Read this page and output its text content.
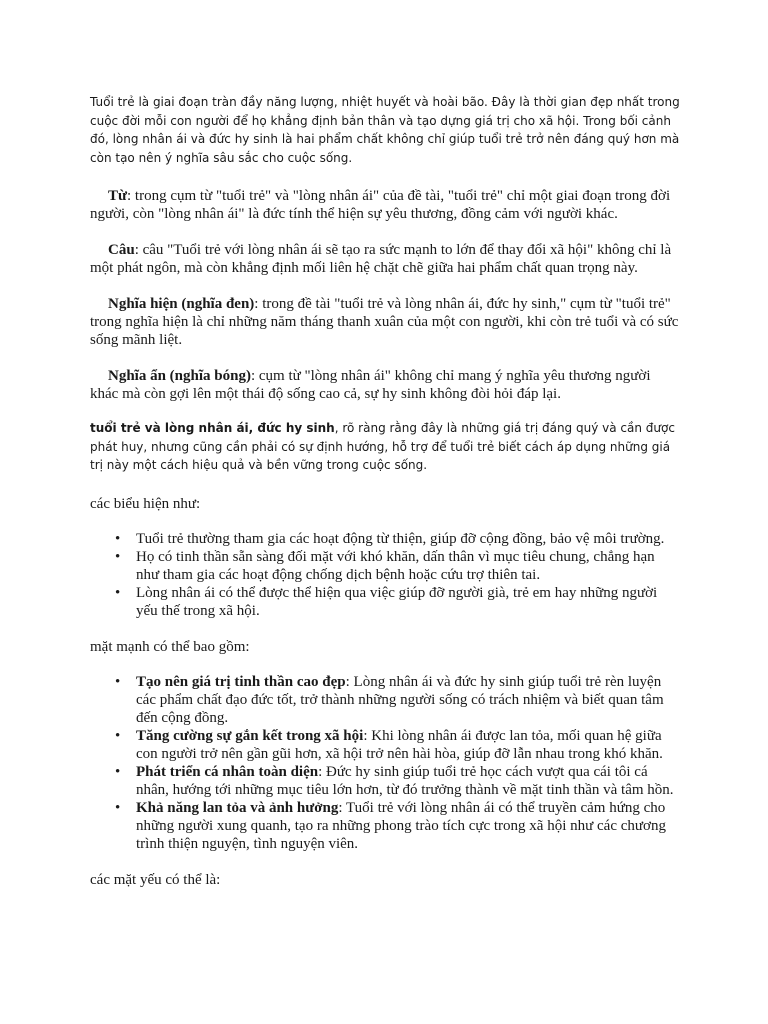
Tuổi trẻ là giai đoạn tràn đầy năng lượng, nhiệt huyết và hoài bão. Đây là thời gian đẹp nhất trong cuộc đời mỗi con người để họ khẳng định bản thân và tạo dựng giá trị cho xã hội. Trong bối cảnh đó, lòng nhân ái và đức hy sinh là hai phẩm chất không chỉ giúp tuổi trẻ trở nên đáng quý hơn mà còn tạo nên ý nghĩa sâu sắc cho cuộc sống.

Từ: trong cụm từ "tuổi trẻ" và "lòng nhân ái" của đề tài, "tuổi trẻ" chỉ một giai đoạn trong đời người, còn "lòng nhân ái" là đức tính thể hiện sự yêu thương, đồng cảm với người khác.

Câu: câu "Tuổi trẻ với lòng nhân ái sẽ tạo ra sức mạnh to lớn để thay đổi xã hội" không chỉ là một phát ngôn, mà còn khẳng định mối liên hệ chặt chẽ giữa hai phẩm chất quan trọng này.

Nghĩa hiện (nghĩa đen): trong đề tài "tuổi trẻ và lòng nhân ái, đức hy sinh," cụm từ "tuổi trẻ" trong nghĩa hiện là chỉ những năm tháng thanh xuân của một con người, khi còn trẻ tuổi và có sức sống mãnh liệt.

Nghĩa ẩn (nghĩa bóng): cụm từ "lòng nhân ái" không chỉ mang ý nghĩa yêu thương người khác mà còn gợi lên một thái độ sống cao cả, sự hy sinh không đòi hỏi đáp lại.

tuổi trẻ và lòng nhân ái, đức hy sinh, rõ ràng rằng đây là những giá trị đáng quý và cần được phát huy, nhưng cũng cần phải có sự định hướng, hỗ trợ để tuổi trẻ biết cách áp dụng những giá trị này một cách hiệu quả và bền vững trong cuộc sống.

các biểu hiện như:

• Tuổi trẻ thường tham gia các hoạt động từ thiện, giúp đỡ cộng đồng, bảo vệ môi trường.
• Họ có tinh thần sẵn sàng đối mặt với khó khăn, dấn thân vì mục tiêu chung, chẳng hạn như tham gia các hoạt động chống dịch bệnh hoặc cứu trợ thiên tai.
• Lòng nhân ái có thể được thể hiện qua việc giúp đỡ người già, trẻ em hay những người yếu thế trong xã hội.

mặt mạnh có thể bao gồm:

• Tạo nên giá trị tinh thần cao đẹp: Lòng nhân ái và đức hy sinh giúp tuổi trẻ rèn luyện các phẩm chất đạo đức tốt, trở thành những người sống có trách nhiệm và biết quan tâm đến cộng đồng.
• Tăng cường sự gắn kết trong xã hội: Khi lòng nhân ái được lan tỏa, mối quan hệ giữa con người trở nên gần gũi hơn, xã hội trở nên hài hòa, giúp đỡ lẫn nhau trong khó khăn.
• Phát triển cá nhân toàn diện: Đức hy sinh giúp tuổi trẻ học cách vượt qua cái tôi cá nhân, hướng tới những mục tiêu lớn hơn, từ đó trưởng thành về mặt tinh thần và tâm hồn.
• Khả năng lan tỏa và ảnh hưởng: Tuổi trẻ với lòng nhân ái có thể truyền cảm hứng cho những người xung quanh, tạo ra những phong trào tích cực trong xã hội như các chương trình thiện nguyện, tình nguyện viên.

các mặt yếu có thể là:
